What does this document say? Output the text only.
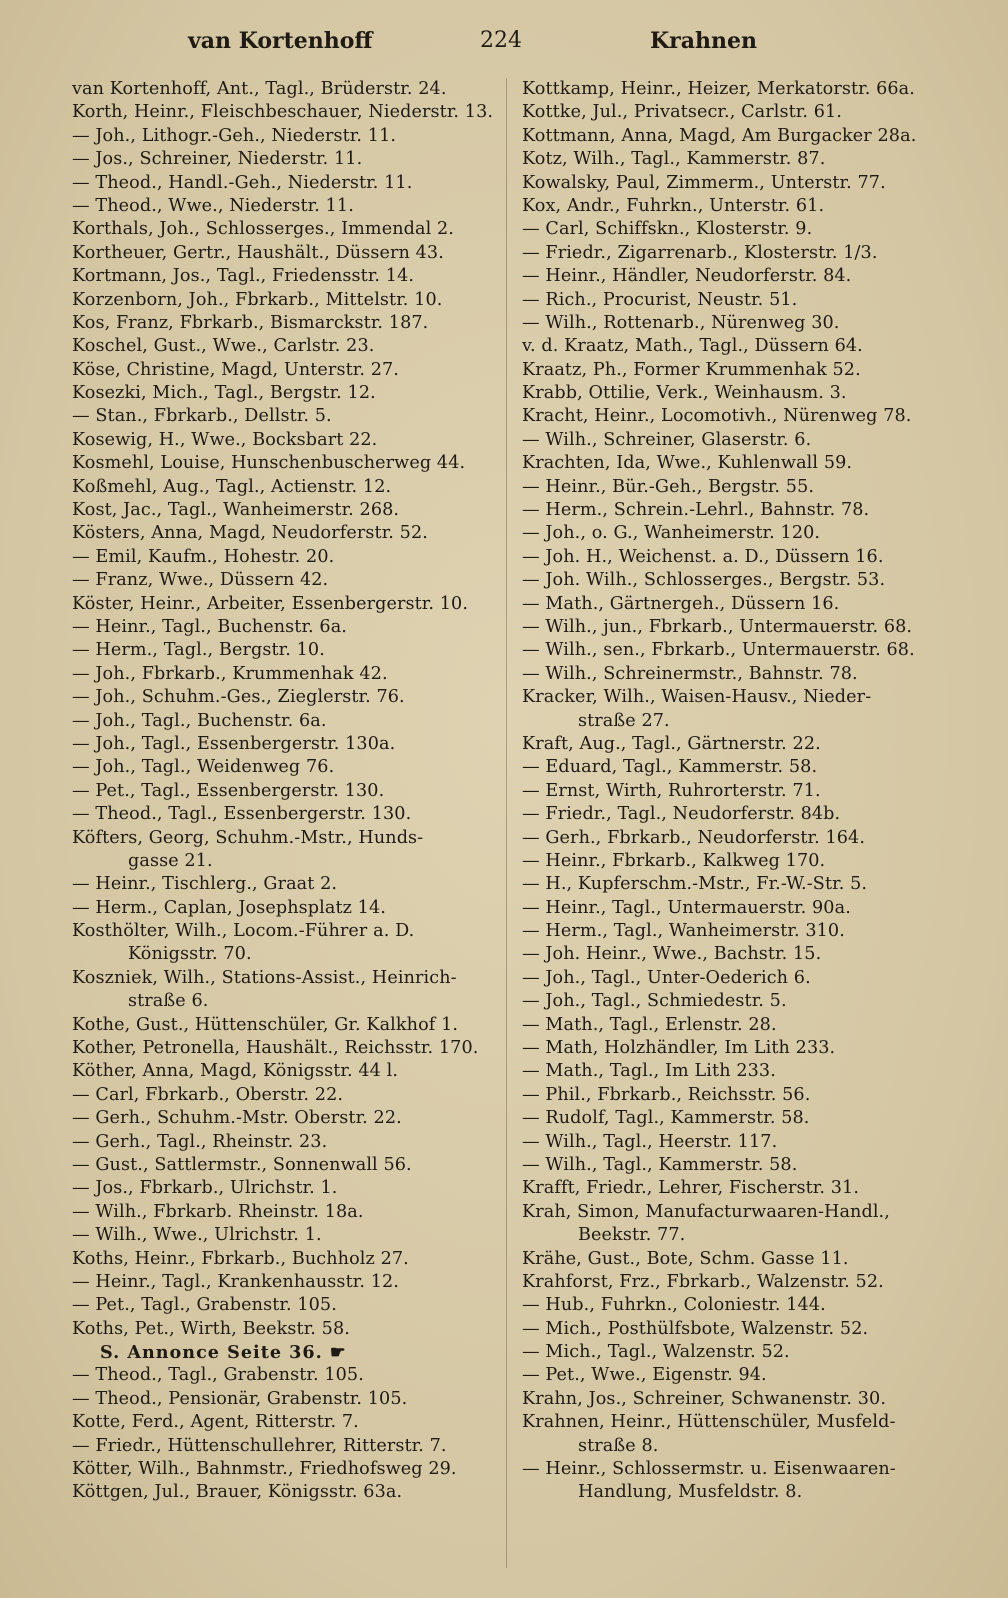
van Kortenhoff	224	Krahnen
van Kortenhoff, Ant., Tagl., Brüderstr. 24.
Korth, Heinr., Fleischbeschauer, Niederstr. 13.
— Joh., Lithogr.-Geh., Niederstr. 11.
— Jos., Schreiner, Niederstr. 11.
— Theod., Handl.-Geh., Niederstr. 11.
— Theod., Wwe., Niederstr. 11.
Korthals, Joh., Schlosserges., Immendal 2.
Kortheuer, Gertr., Haushält., Düssern 43.
Kortmann, Jos., Tagl., Friedensstr. 14.
Korzenborn, Joh., Fbrkarb., Mittelstr. 10.
Kos, Franz, Fbrkarb., Bismarckstr. 187.
Koschel, Gust., Wwe., Carlstr. 23.
Köse, Christine, Magd, Unterstr. 27.
Kosezki, Mich., Tagl., Bergstr. 12.
— Stan., Fbrkarb., Dellstr. 5.
Kosewig, H., Wwe., Bocksbart 22.
Kosmehl, Louise, Hunschenbuscherweg 44.
Koßmehl, Aug., Tagl., Actienstr. 12.
Kost, Jac., Tagl., Wanheimerstr. 268.
Kösters, Anna, Magd, Neudorferstr. 52.
— Emil, Kaufm., Hohestr. 20.
— Franz, Wwe., Düssern 42.
Köster, Heinr., Arbeiter, Essenbergerstr. 10.
— Heinr., Tagl., Buchenstr. 6a.
— Herm., Tagl., Bergstr. 10.
— Joh., Fbrkarb., Krummenhak 42.
— Joh., Schuhm.-Ges., Zieglerstr. 76.
— Joh., Tagl., Buchenstr. 6a.
— Joh., Tagl., Essenbergerstr. 130a.
— Joh., Tagl., Weidenweg 76.
— Pet., Tagl., Essenbergerstr. 130.
— Theod., Tagl., Essenbergerstr. 130.
Köfters, Georg, Schuhm.-Mstr., Hunds-
gasse 21.
— Heinr., Tischlerg., Graat 2.
— Herm., Caplan, Josephsplatz 14.
Kosthölter, Wilh., Locom.-Führer a. D.
Königsstr. 70.
Koszniek, Wilh., Stations-Assist., Heinrich-
straße 6.
Kothe, Gust., Hüttenschüler, Gr. Kalkhof 1.
Kother, Petronella, Haushält., Reichsstr. 170.
Köther, Anna, Magd, Königsstr. 44 l.
— Carl, Fbrkarb., Oberstr. 22.
— Gerh., Schuhm.-Mstr. Oberstr. 22.
— Gerh., Tagl., Rheinstr. 23.
— Gust., Sattlermstr., Sonnenwall 56.
— Jos., Fbrkarb., Ulrichstr. 1.
— Wilh., Fbrkarb. Rheinstr. 18a.
— Wilh., Wwe., Ulrichstr. 1.
Koths, Heinr., Fbrkarb., Buchholz 27.
— Heinr., Tagl., Krankenhausstr. 12.
— Pet., Tagl., Grabenstr. 105.
Koths, Pet., Wirth, Beekstr. 58.
S. Annonce Seite 36. ☛
— Theod., Tagl., Grabenstr. 105.
— Theod., Pensionär, Grabenstr. 105.
Kotte, Ferd., Agent, Ritterstr. 7.
— Friedr., Hüttenschullehrer, Ritterstr. 7.
Kötter, Wilh., Bahnmstr., Friedhofsweg 29.
Köttgen, Jul., Brauer, Königsstr. 63a.
Kottkamp, Heinr., Heizer, Merkatorstr. 66a.
Kottke, Jul., Privatsecr., Carlstr. 61.
Kottmann, Anna, Magd, Am Burgacker 28a.
Kotz, Wilh., Tagl., Kammerstr. 87.
Kowalsky, Paul, Zimmerm., Unterstr. 77.
Kox, Andr., Fuhrkn., Unterstr. 61.
— Carl, Schiffskn., Klosterstr. 9.
— Friedr., Zigarrenarb., Klosterstr. 1/3.
— Heinr., Händler, Neudorferstr. 84.
— Rich., Procurist, Neustr. 51.
— Wilh., Rottenarb., Nürenweg 30.
v. d. Kraatz, Math., Tagl., Düssern 64.
Kraatz, Ph., Former Krummenhak 52.
Krabb, Ottilie, Verk., Weinhausm. 3.
Kracht, Heinr., Locomotivh., Nürenweg 78.
— Wilh., Schreiner, Glaserstr. 6.
Krachten, Ida, Wwe., Kuhlenwall 59.
— Heinr., Bür.-Geh., Bergstr. 55.
— Herm., Schrein.-Lehrl., Bahnstr. 78.
— Joh., o. G., Wanheimerstr. 120.
— Joh. H., Weichenst. a. D., Düssern 16.
— Joh. Wilh., Schlosserges., Bergstr. 53.
— Math., Gärtnergeh., Düssern 16.
— Wilh., jun., Fbrkarb., Untermauerstr. 68.
— Wilh., sen., Fbrkarb., Untermauerstr. 68.
— Wilh., Schreinermstr., Bahnstr. 78.
Kracker, Wilh., Waisen-Hausv., Nieder-
straße 27.
Kraft, Aug., Tagl., Gärtnerstr. 22.
— Eduard, Tagl., Kammerstr. 58.
— Ernst, Wirth, Ruhrorterstr. 71.
— Friedr., Tagl., Neudorferstr. 84b.
— Gerh., Fbrkarb., Neudorferstr. 164.
— Heinr., Fbrkarb., Kalkweg 170.
— H., Kupferschm.-Mstr., Fr.-W.-Str. 5.
— Heinr., Tagl., Untermauerstr. 90a.
— Herm., Tagl., Wanheimerstr. 310.
— Joh. Heinr., Wwe., Bachstr. 15.
— Joh., Tagl., Unter-Oederich 6.
— Joh., Tagl., Schmiedestr. 5.
— Math., Tagl., Erlenstr. 28.
— Math, Holzhändler, Im Lith 233.
— Math., Tagl., Im Lith 233.
— Phil., Fbrkarb., Reichsstr. 56.
— Rudolf, Tagl., Kammerstr. 58.
— Wilh., Tagl., Heerstr. 117.
— Wilh., Tagl., Kammerstr. 58.
Krafft, Friedr., Lehrer, Fischerstr. 31.
Krah, Simon, Manufacturwaaren-Handl.,
Beekstr. 77.
Krähe, Gust., Bote, Schm. Gasse 11.
Krahforst, Frz., Fbrkarb., Walzenstr. 52.
— Hub., Fuhrkn., Coloniestr. 144.
— Mich., Posthülfsbote, Walzenstr. 52.
— Mich., Tagl., Walzenstr. 52.
— Pet., Wwe., Eigenstr. 94.
Krahn, Jos., Schreiner, Schwanenstr. 30.
Krahnen, Heinr., Hüttenschüler, Musfeld-
straße 8.
— Heinr., Schlossermstr. u. Eisenwaaren-
Handlung, Musfeldstr. 8.
